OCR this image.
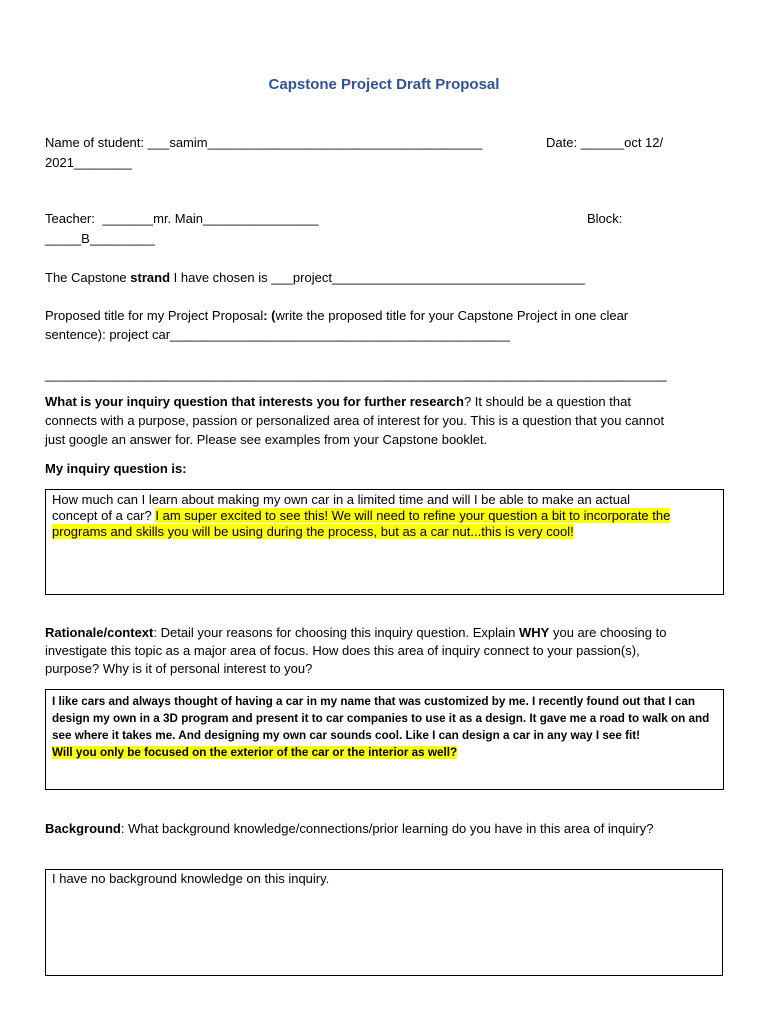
Capstone Project Draft Proposal
Name of student: ___samim______________________________________	Date: ______oct 12/
2021________
Teacher: _______mr. Main________________	Block:
_____B_________
The Capstone strand I have chosen is ___project___________________________________
Proposed title for my Project Proposal: (write the proposed title for your Capstone Project in one clear
sentence): project car_______________________________________________
______________________________________________________________________________________
What is your inquiry question that interests you for further research? It should be a question that
connects with a purpose, passion or personalized area of interest for you. This is a question that you cannot
just google an answer for. Please see examples from your Capstone booklet.
My inquiry question is:
How much can I learn about making my own car in a limited time and will I be able to make an actual
concept of a car? I am super excited to see this! We will need to refine your question a bit to incorporate the
programs and skills you will be using during the process, but as a car nut...this is very cool!
Rationale/context: Detail your reasons for choosing this inquiry question. Explain WHY you are choosing to
investigate this topic as a major area of focus. How does this area of inquiry connect to your passion(s),
purpose? Why is it of personal interest to you?
I like cars and always thought of having a car in my name that was customized by me. I recently found out that I can
design my own in a 3D program and present it to car companies to use it as a design. It gave me a road to walk on and
see where it takes me. And designing my own car sounds cool. Like I can design a car in any way I see fit!
Will you only be focused on the exterior of the car or the interior as well?
Background: What background knowledge/connections/prior learning do you have in this area of inquiry?
I have no background knowledge on this inquiry.
